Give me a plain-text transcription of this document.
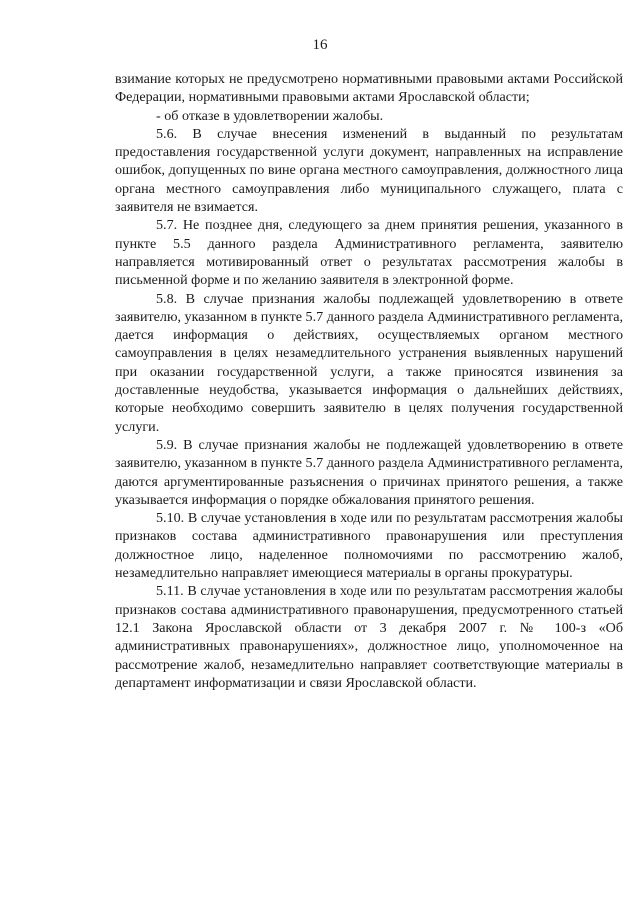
16

взимание которых не предусмотрено нормативными правовыми актами Российской Федерации, нормативными правовыми актами Ярославской области;

- об отказе в удовлетворении жалобы.

5.6. В случае внесения изменений в выданный по результатам предоставления государственной услуги документ, направленных на исправление ошибок, допущенных по вине органа местного самоуправления, должностного лица органа местного самоуправления либо муниципального служащего, плата с заявителя не взимается.

5.7. Не позднее дня, следующего за днем принятия решения, указанного в пункте 5.5 данного раздела Административного регламента, заявителю направляется мотивированный ответ о результатах рассмотрения жалобы в письменной форме и по желанию заявителя в электронной форме.

5.8. В случае признания жалобы подлежащей удовлетворению в ответе заявителю, указанном в пункте 5.7 данного раздела Административного регламента, дается информация о действиях, осуществляемых органом местного самоуправления в целях незамедлительного устранения выявленных нарушений при оказании государственной услуги, а также приносятся извинения за доставленные неудобства, указывается информация о дальнейших действиях, которые необходимо совершить заявителю в целях получения государственной услуги.

5.9. В случае признания жалобы не подлежащей удовлетворению в ответе заявителю, указанном в пункте 5.7 данного раздела Административного регламента, даются аргументированные разъяснения о причинах принятого решения, а также указывается информация о порядке обжалования принятого решения.

5.10. В случае установления в ходе или по результатам рассмотрения жалобы признаков состава административного правонарушения или преступления должностное лицо, наделенное полномочиями по рассмотрению жалоб, незамедлительно направляет имеющиеся материалы в органы прокуратуры.

5.11. В случае установления в ходе или по результатам рассмотрения жалобы признаков состава административного правонарушения, предусмотренного статьей 12.1 Закона Ярославской области от 3 декабря 2007 г. № 100-з «Об административных правонарушениях», должностное лицо, уполномоченное на рассмотрение жалоб, незамедлительно направляет соответствующие материалы в департамент информатизации и связи Ярославской области.
